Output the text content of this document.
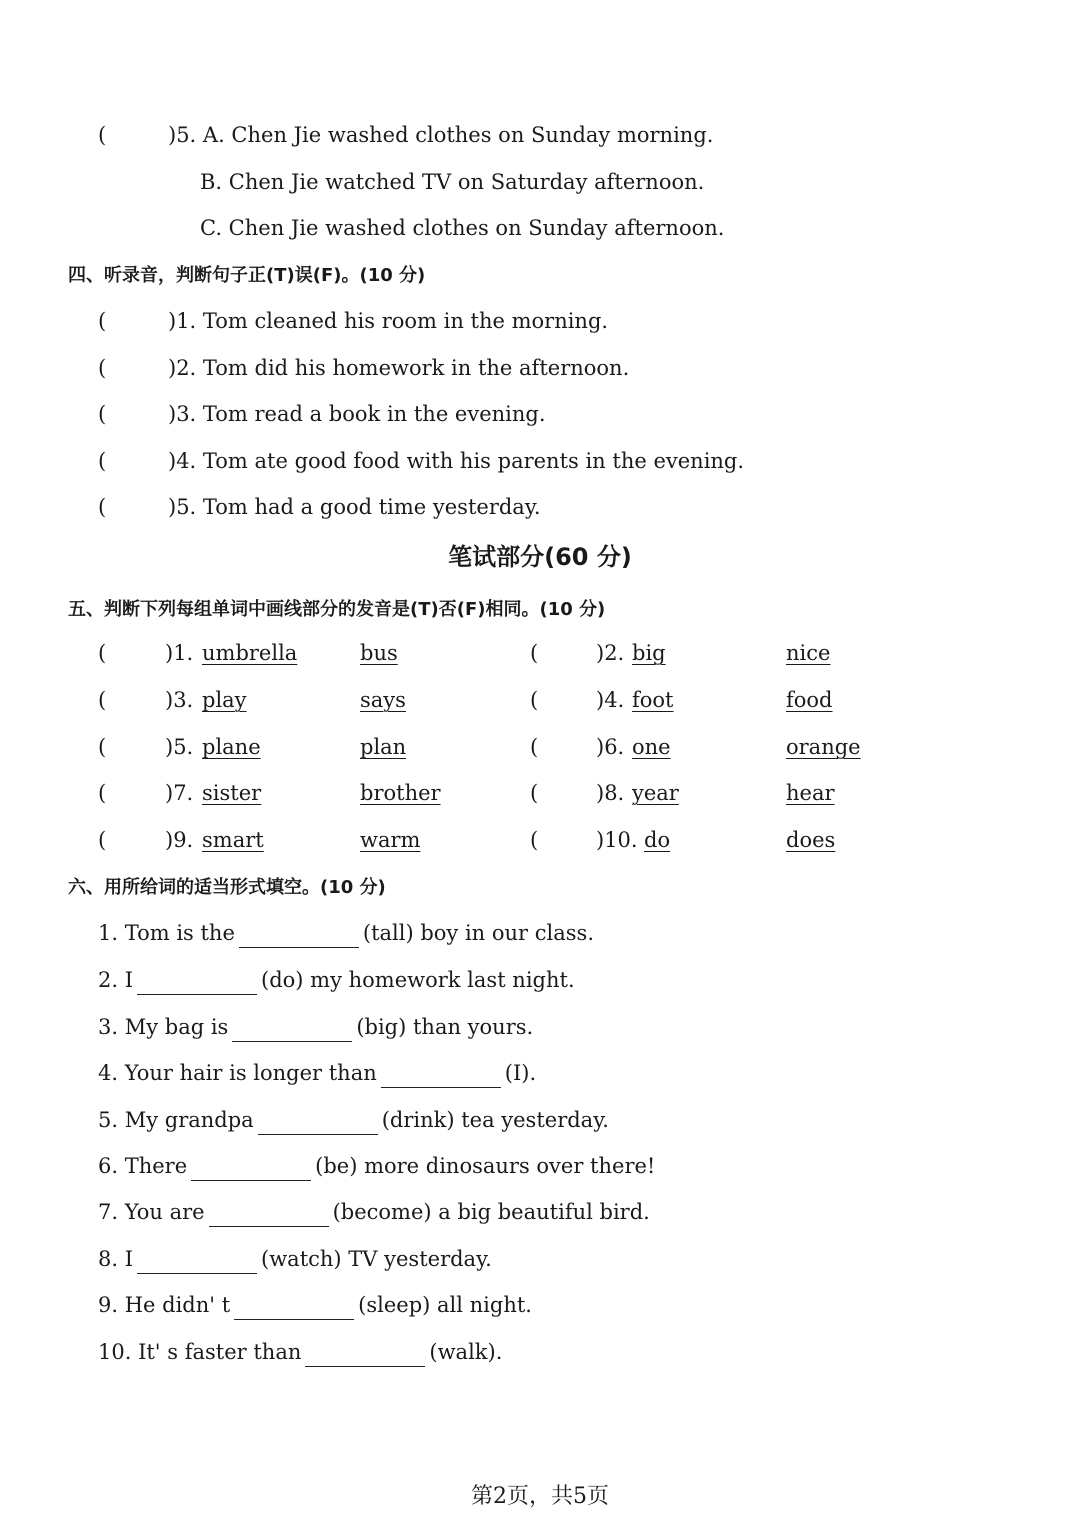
(	)5. A. Chen Jie washed clothes on Sunday morning.
B. Chen Jie watched TV on Saturday afternoon.
C. Chen Jie washed clothes on Sunday afternoon.
四、听录音，判断句子正(T)误(F)。(10 分)
(	)1. Tom cleaned his room in the morning.
(	)2. Tom did his homework in the afternoon.
(	)3. Tom read a book in the evening.
(	)4. Tom ate good food with his parents in the evening.
(	)5. Tom had a good time yesterday.
笔试部分(60 分)
五、判断下列每组单词中画线部分的发音是(T)否(F)相同。(10 分)
(	)1. umbrella	bus	(	)2. big	nice
(	)3. play	says	(	)4. foot	food
(	)5. plane	plan	(	)6. one	orange
(	)7. sister	brother	(	)8. year	hear
(	)9. smart	warm	(	)10. do	does
六、用所给词的适当形式填空。(10 分)
1. Tom is the	(tall) boy in our class.
2. I	(do) my homework last night.
3. My bag is	(big) than yours.
4. Your hair is longer than	(I).
5. My grandpa	(drink) tea yesterday.
6. There	(be) more dinosaurs over there!
7. You are	(become) a big beautiful bird.
8. I	(watch) TV yesterday.
9. He didn' t	(sleep) all night.
10. It' s faster than	(walk).
第2页，共5页
